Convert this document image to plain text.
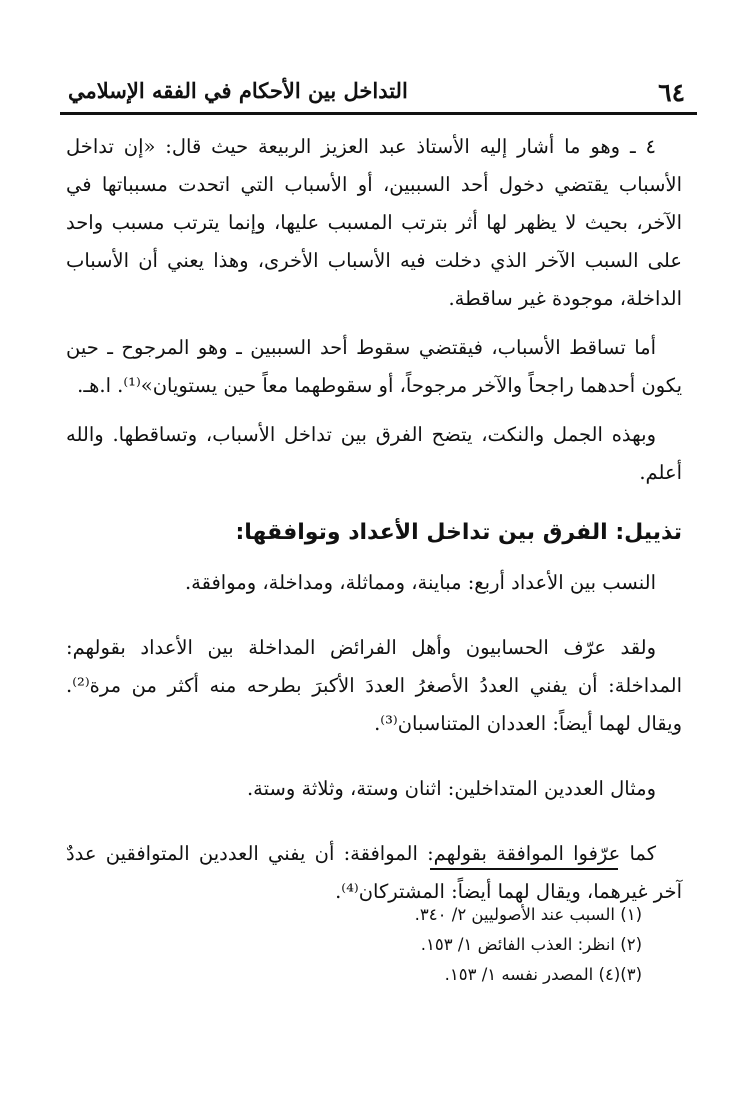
٦٤
التداخل بين الأحكام في الفقه الإسلامي

٤ ـ وهو ما أشار إليه الأستاذ عبد العزيز الربيعة حيث قال: «إن تداخل الأسباب يقتضي دخول أحد السببين، أو الأسباب التي اتحدت مسبباتها في الآخر، بحيث لا يظهر لها أثر بترتب المسبب عليها، وإنما يترتب مسبب واحد على السبب الآخر الذي دخلت فيه الأسباب الأخرى، وهذا يعني أن الأسباب الداخلة، موجودة غير ساقطة.

أما تساقط الأسباب، فيقتضي سقوط أحد السببين ـ وهو المرجوح ـ حين يكون أحدهما راجحاً والآخر مرجوحاً، أو سقوطهما معاً حين يستويان»⁽¹⁾. ا.هـ.

وبهذه الجمل والنكت، يتضح الفرق بين تداخل الأسباب، وتساقطها. والله أعلم.

تذييل: الفرق بين تداخل الأعداد وتوافقها:

النسب بين الأعداد أربع: مباينة، ومماثلة، ومداخلة، وموافقة.

ولقد عرّف الحسابيون وأهل الفرائض المداخلة بين الأعداد بقولهم: المداخلة: أن يفني العددُ الأصغرُ العددَ الأكبرَ بطرحه منه أكثر من مرة⁽²⁾. ويقال لهما أيضاً: العددان المتناسبان⁽³⁾.

ومثال العددين المتداخلين: اثنان وستة، وثلاثة وستة.

كما عرّفوا الموافقة بقولهم: الموافقة: أن يفني العددين المتوافقين عددٌ آخر غيرهما، ويقال لهما أيضاً: المشتركان⁽⁴⁾.

(١) السبب عند الأصوليين ٢/ ٣٤٠.

(٢) انظر: العذب الفائض ١/ ١٥٣.

(٣)(٤) المصدر نفسه ١/ ١٥٣.
